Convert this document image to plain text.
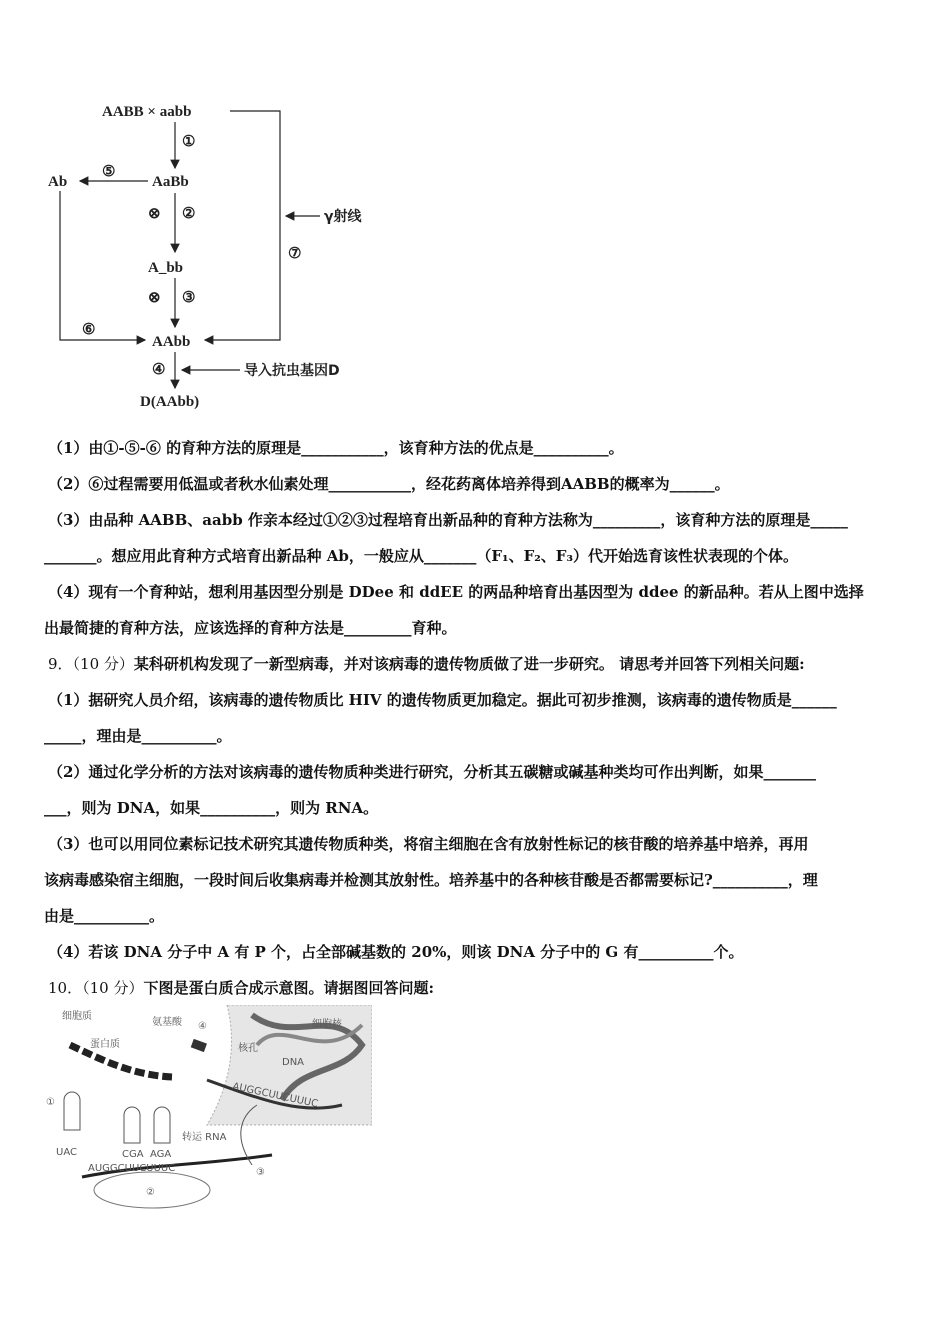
AABB × aabb
AaBb
A_bb
AAbb
Ab
D(AAbb)
①
⊗ ②
⊗ ③
④
⑤
⑥
⑦
γ射线
导入抗虫基因D
（1）由①-⑤-⑥ 的育种方法的原理是___________，该育种方法的优点是__________。
（2）⑥过程需要用低温或者秋水仙素处理___________，经花药离体培养得到AABB的概率为______。
（3）由品种 AABB、aabb 作亲本经过①②③过程培育出新品种的育种方法称为_________，该育种方法的原理是_____
_______。想应用此育种方式培育出新品种 Ab，一般应从_______（F₁、F₂、F₃）代开始选育该性状表现的个体。
（4）现有一个育种站，想利用基因型分别是 DDee 和 ddEE 的两品种培育出基因型为 ddee 的新品种。若从上图中选择
出最简捷的育种方法，应该选择的育种方法是_________育种。
9．（10 分）某科研机构发现了一新型病毒，并对该病毒的遗传物质做了进一步研究。 请思考并回答下列相关问题:
（1）据研究人员介绍，该病毒的遗传物质比 HIV 的遗传物质更加稳定。据此可初步推测，该病毒的遗传物质是______
_____，理由是__________。
（2）通过化学分析的方法对该病毒的遗传物质种类进行研究，分析其五碳糖或碱基种类均可作出判断，如果_______
___，则为 DNA，如果__________，则为 RNA。
（3）也可以用同位素标记技术研究其遗传物质种类，将宿主细胞在含有放射性标记的核苷酸的培养基中培养，再用
该病毒感染宿主细胞，一段时间后收集病毒并检测其放射性。培养基中的各种核苷酸是否都需要标记?__________，理
由是__________。
（4）若该 DNA 分子中 A 有 P 个，占全部碱基数的 20%，则该 DNA 分子中的 G 有__________个。
10．（10 分）下图是蛋白质合成示意图。请据图回答问题:
DNA
细胞核
核孔
④
AUGGCUUCUUUC
细胞质
蛋白质
氨基酸
①
UAC	CGA AGA
转运 RNA
AUGGCUUCUUUC
②
③
